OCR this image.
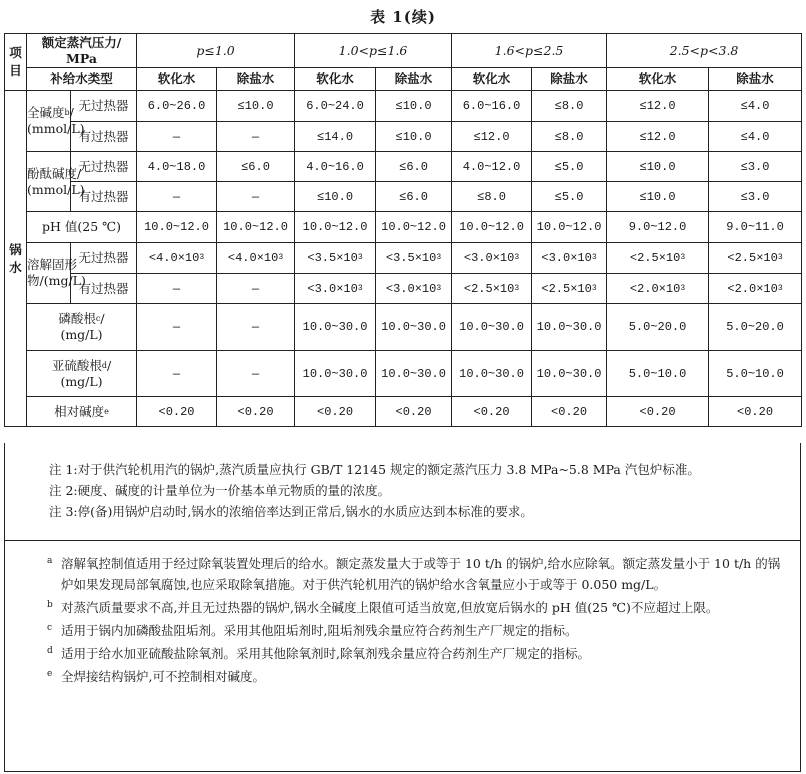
表 1(续)
项目	额定蒸汽压力/
MPa		p≤1.0		1.0<p≤1.6		1.6<p≤2.5		2.5<p<3.8	
	补给水类型		软化水	除盐水	软化水	除盐水	软化水	除盐水	软化水	除盐水

锅水	全碱度$^b$/
(mmol/L)	无过热器	6.0~26.0	≤10.0	6.0~24.0	≤10.0	6.0~16.0	≤8.0	≤12.0	≤4.0
		有过热器	—	—	≤14.0	≤10.0	≤12.0	≤8.0	≤12.0	≤4.0

	酚酞碱度/
(mmol/L)	无过热器	4.0~18.0	≤6.0	4.0~16.0	≤6.0	4.0~12.0	≤5.0	≤10.0	≤3.0
		有过热器	—	—	≤10.0	≤6.0	≤8.0	≤5.0	≤10.0	≤3.0
	pH 值(25 ℃)		10.0~12.0	10.0~12.0	10.0~12.0	10.0~12.0	10.0~12.0	10.0~12.0	9.0~12.0	9.0~11.0

	溶解固形
物/(mg/L)	无过热器	$<4.0\times 10^3$	$<4.0\times 10^3$	$<3.5\times 10^3$	$<3.5\times 10^3$	$<3.0\times 10^3$	$<3.0\times 10^3$	$<2.5\times 10^3$	$<2.5\times 10^3$
		有过热器	—	—	$<3.0\times 10^3$	$<3.0\times 10^3$	$<2.5\times 10^3$	$<2.5\times 10^3$	$<2.0\times 10^3$	$<2.0\times 10^3$

	磷酸根$^c$/
(mg/L)		—	—	10.0~30.0	10.0~30.0	10.0~30.0	10.0~30.0	5.0~20.0	5.0~20.0

	亚硫酸根$^d$/
(mg/L)		—	—	10.0~30.0	10.0~30.0	10.0~30.0	10.0~30.0	5.0~10.0	5.0~10.0
	相对碱度$^e$		<0.20	<0.20	<0.20	<0.20	<0.20	<0.20	<0.20	<0.20
注 1:对于供汽轮机用汽的锅炉,蒸汽质量应执行 GB/T 12145 规定的额定蒸汽压力 3.8 MPa~5.8 MPa 汽包炉标准。
注 2:硬度、碱度的计量单位为一价基本单元物质的量的浓度。
注 3:停(备)用锅炉启动时,锅水的浓缩倍率达到正常后,锅水的水质应达到本标准的要求。
a 溶解氧控制值适用于经过除氧装置处理后的给水。额定蒸发量大于或等于 10 t/h 的锅炉,给水应除氧。额定蒸发量小于 10 t/h 的锅炉如果发现局部氧腐蚀,也应采取除氧措施。对于供汽轮机用汽的锅炉给水含氧量应小于或等于 0.050 mg/L。
b 对蒸汽质量要求不高,并且无过热器的锅炉,锅水全碱度上限值可适当放宽,但放宽后锅水的 pH 值(25 ℃)不应超过上限。
c 适用于锅内加磷酸盐阻垢剂。采用其他阻垢剂时,阻垢剂残余量应符合药剂生产厂规定的指标。
d 适用于给水加亚硫酸盐除氧剂。采用其他除氧剂时,除氧剂残余量应符合药剂生产厂规定的指标。
e 全焊接结构锅炉,可不控制相对碱度。
